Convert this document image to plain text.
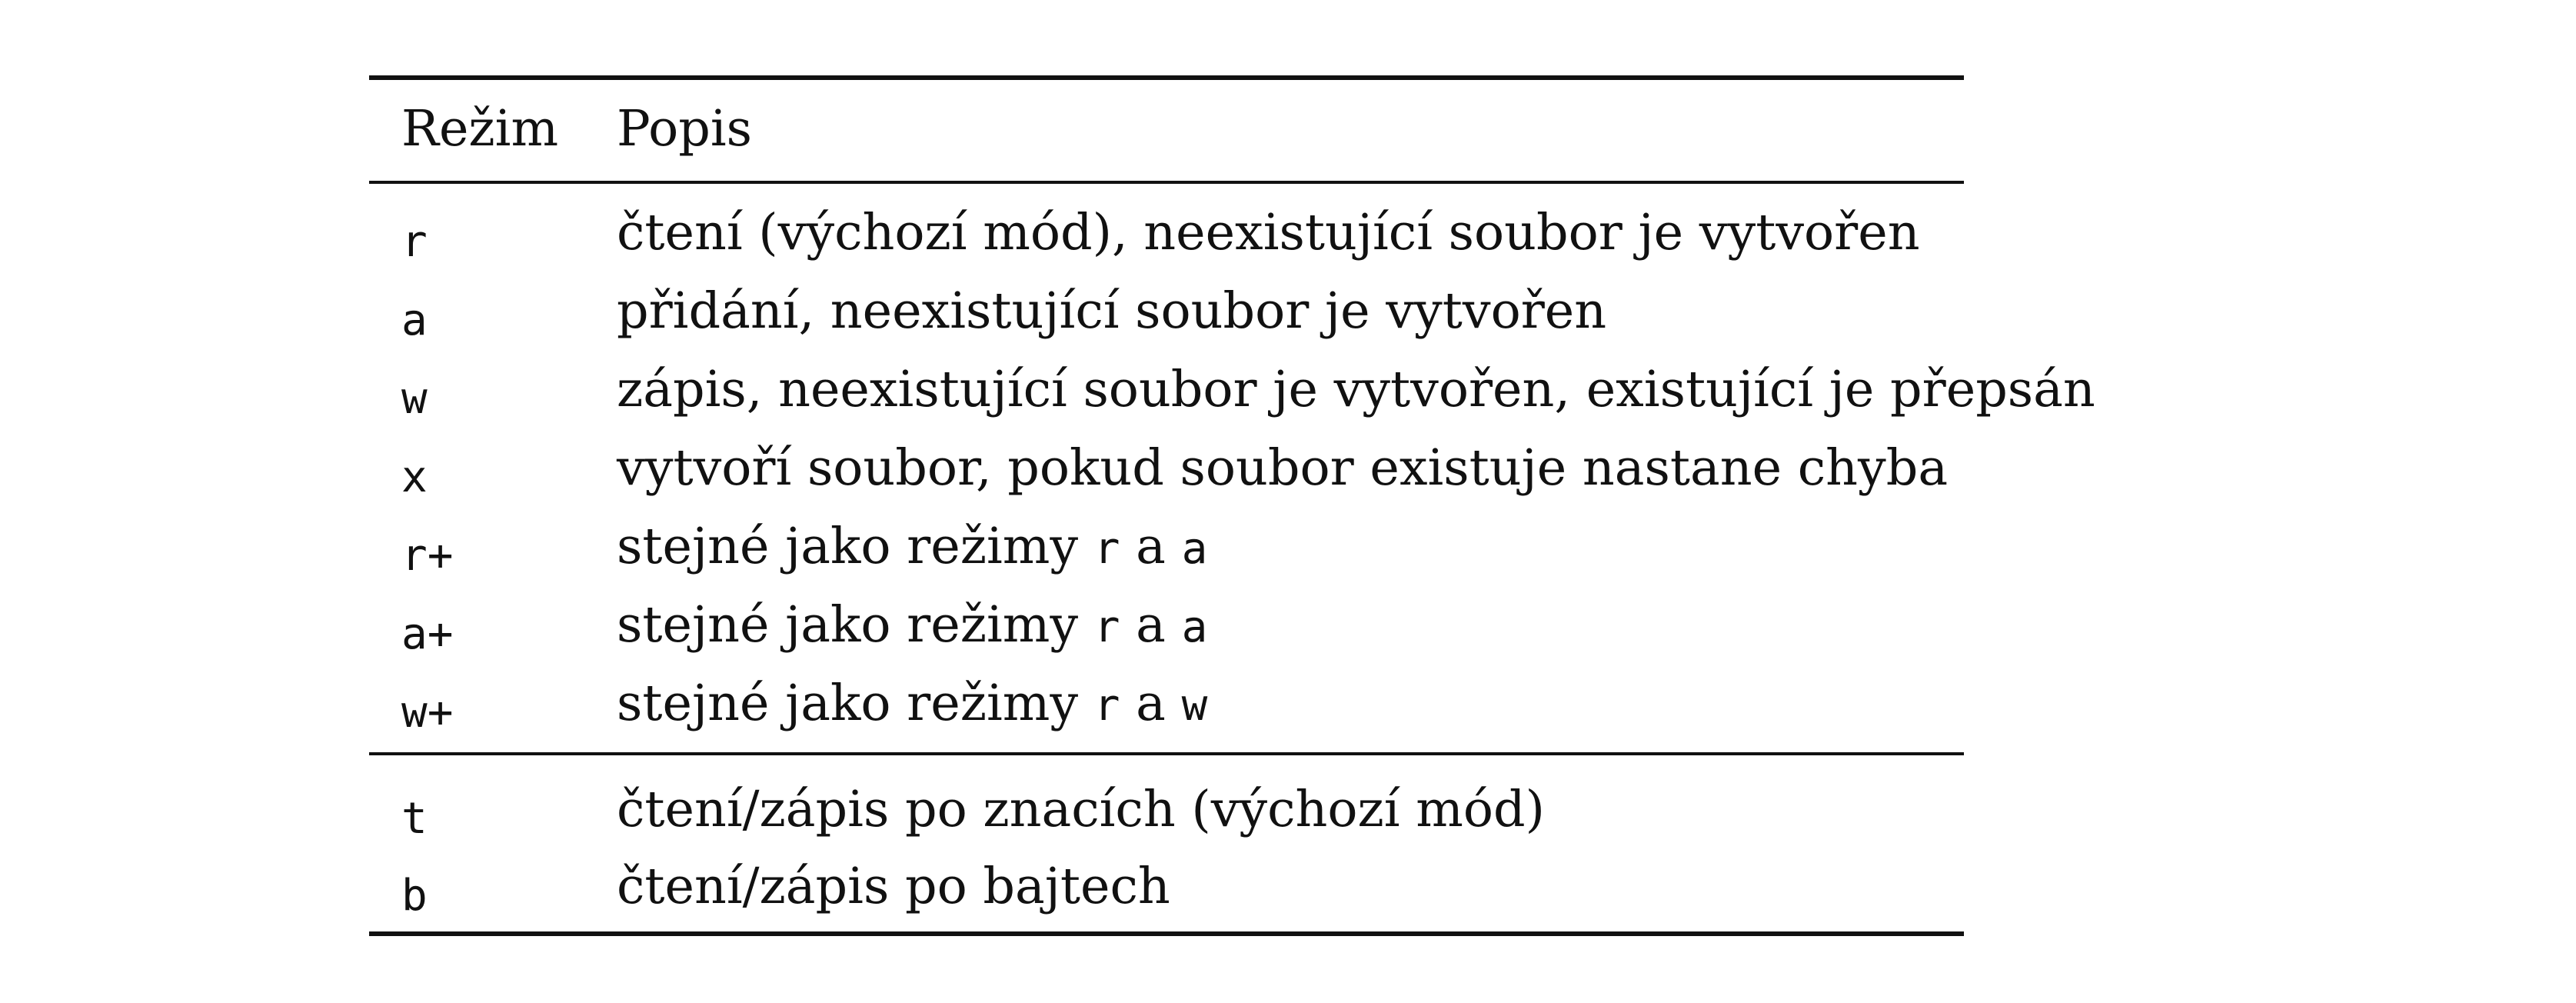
Režim Popis
r	čtení (výchozí mód), neexistující soubor je vytvořen
a	přidání, neexistující soubor je vytvořen
w	zápis, neexistující soubor je vytvořen, existující je přepsán
x	vytvoří soubor, pokud soubor existuje nastane chyba
r+	stejné jako režimy r a a
a+	stejné jako režimy r a a
w+	stejné jako režimy r a w
t	čtení/zápis po znacích (výchozí mód)
b	čtení/zápis po bajtech
